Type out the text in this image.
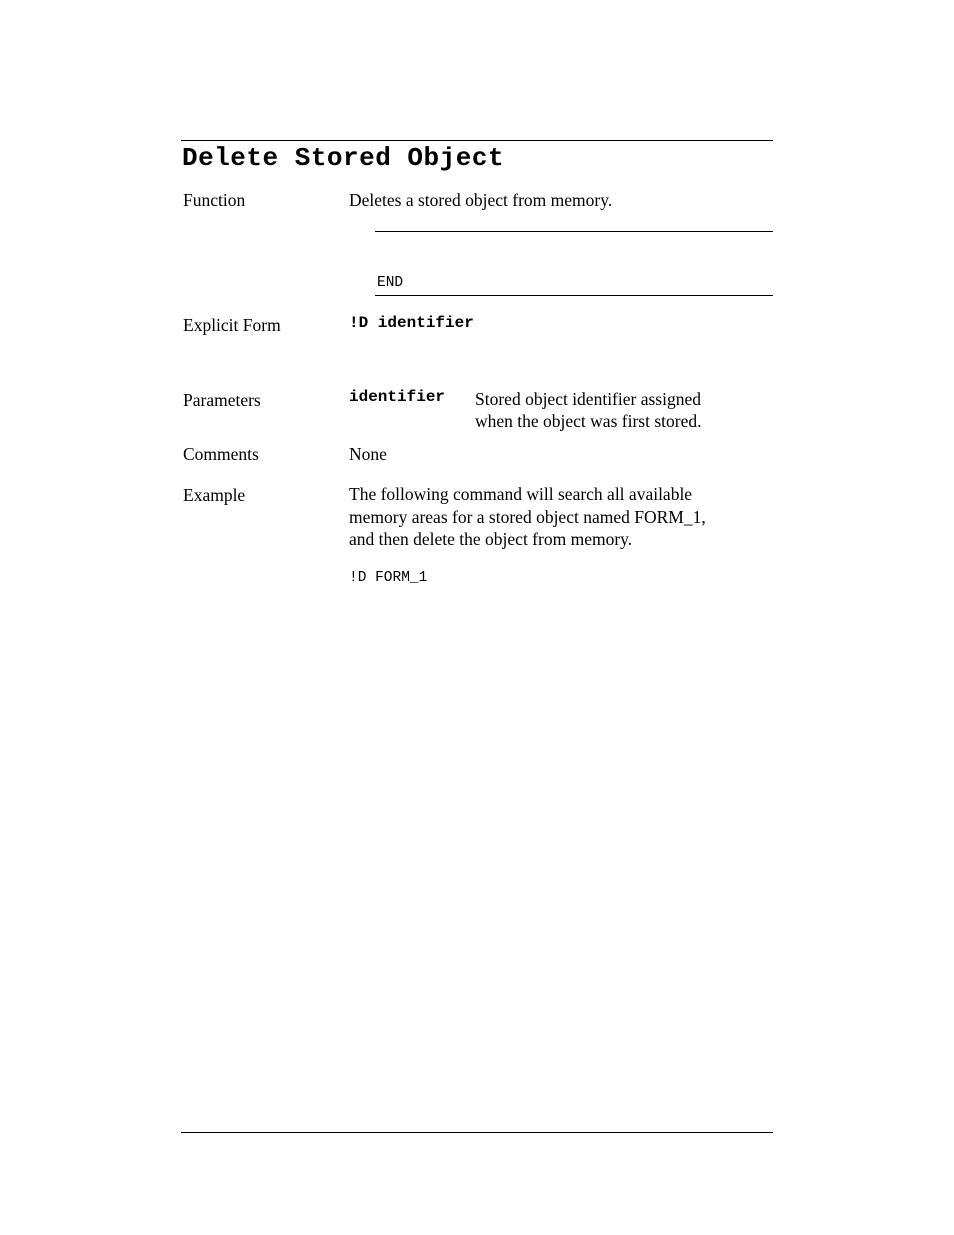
Delete Stored Object
Function	Deletes a stored object from memory.
END
Explicit Form	!D identifier
Parameters	identifier Stored object identifier assigned
when the object was first stored.
Comments	None
Example	The following command will search all available
memory areas for a stored object named FORM_1,
and then delete the object from memory.
!D FORM_1
